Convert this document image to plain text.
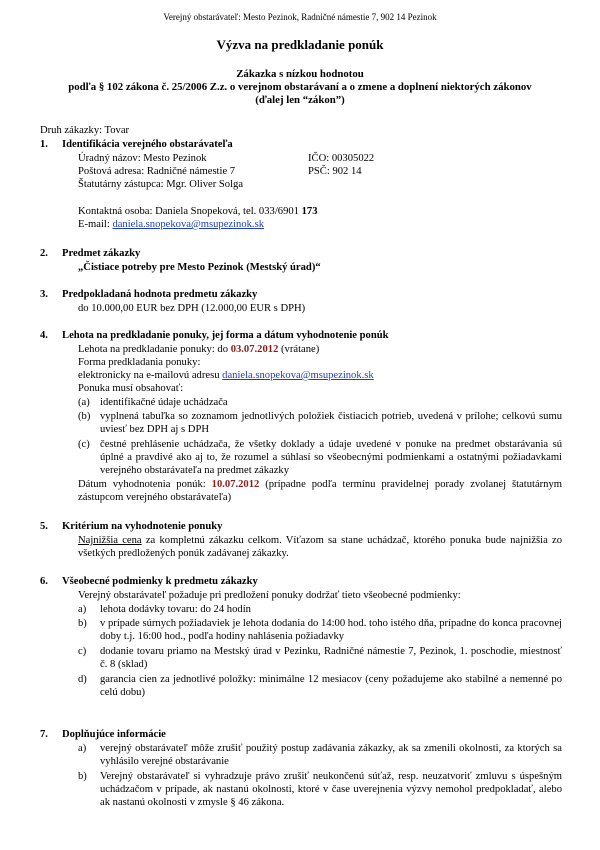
Verejný obstarávateľ: Mesto Pezinok, Radničné námestie 7, 902 14 Pezinok
Výzva na predkladanie ponúk
Zákazka s nízkou hodnotou
podľa § 102 zákona č. 25/2006 Z.z. o verejnom obstarávaní a o zmene a doplnení niektorých zákonov
(ďalej len “zákon”)
Druh zákazky: Tovar
1. Identifikácia verejného obstarávateľa
Úradný názov: Mesto Pezinok	IČO: 00305022
Poštová adresa: Radničné námestie 7	PSČ: 902 14
Štatutárny zástupca: Mgr. Oliver Solga
Kontaktná osoba: Daniela Snopeková, tel. 033/6901 173
E-mail: daniela.snopekova@msupezinok.sk
2. Predmet zákazky
„Čistiace potreby pre Mesto Pezinok (Mestský úrad)“
3. Predpokladaná hodnota predmetu zákazky
do 10.000,00 EUR bez DPH (12.000,00 EUR s DPH)
4. Lehota na predkladanie ponuky, jej forma a dátum vyhodnotenie ponúk
Lehota na predkladanie ponuky: do 03.07.2012 (vrátane)
Forma predkladania ponuky:
elektronicky na e-mailovú adresu daniela.snopekova@msupezinok.sk
Ponuka musí obsahovať:
(a) identifikačné údaje uchádzača
(b) vyplnená tabuľka so zoznamom jednotlivých položiek čistiacich potrieb, uvedená v prílohe; celkovú sumu uviesť bez DPH aj s DPH
(c) čestné prehlásenie uchádzača, že všetky doklady a údaje uvedené v ponuke na predmet obstarávania sú úplné a pravdivé ako aj to, že rozumel a súhlasí so všeobecnými podmienkami a ostatnými požiadavkami verejného obstarávateľa na predmet zákazky
Dátum vyhodnotenia ponúk: 10.07.2012 (prípadne podľa termínu pravidelnej porady zvolanej štatutárnym zástupcom verejného obstarávateľa)
5. Kritérium na vyhodnotenie ponuky
Najnižšia cena za kompletnú zákazku celkom. Víťazom sa stane uchádzač, ktorého ponuka bude najnižšia zo všetkých predložených ponúk zadávanej zákazky.
6. Všeobecné podmienky k predmetu zákazky
Verejný obstarávateľ požaduje pri predložení ponuky dodržať tieto všeobecné podmienky:
a) lehota dodávky tovaru: do 24 hodín
b) v prípade súrnych požiadaviek je lehota dodania do 14:00 hod. toho istého dňa, prípadne do konca pracovnej doby t.j. 16:00 hod., podľa hodiny nahlásenia požiadavky
c) dodanie tovaru priamo na Mestský úrad v Pezinku, Radničné námestie 7, Pezinok, 1. poschodie, miestnosť č. 8 (sklad)
d) garancia cien za jednotlivé položky: minimálne 12 mesiacov (ceny požadujeme ako stabilné a nemenné po celú dobu)
7. Doplňujúce informácie
a) verejný obstarávateľ môže zrušiť použitý postup zadávania zákazky, ak sa zmenili okolnosti, za ktorých sa vyhlásilo verejné obstarávanie
b) Verejný obstarávateľ si vyhradzuje právo zrušiť neukončenú súťaž, resp. neuzatvoriť zmluvu s úspešným uchádzačom v prípade, ak nastanú okolnosti, ktoré v čase uverejnenia výzvy nemohol predpokladať, alebo ak nastanú okolnosti v zmysle § 46 zákona.
